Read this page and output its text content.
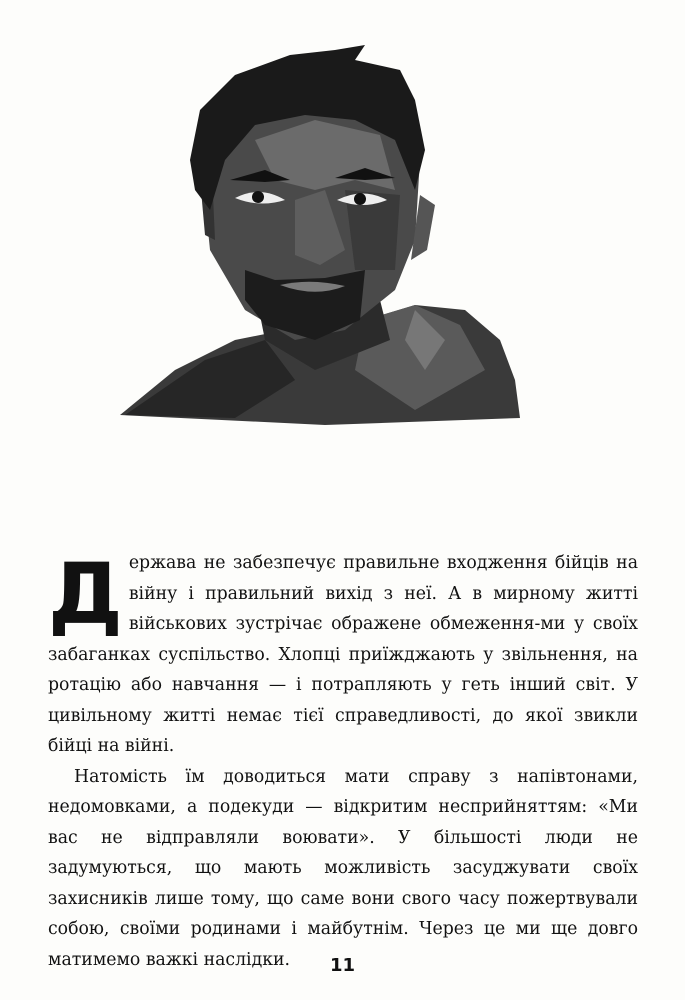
Держава не забезпечує правильне входження бійців на війну і правильний вихід з неї. А в мирному житті військових зустрічає ображене обмеження-ми у своїх забаганках суспільство. Хлопці приїжджають у звільнення, на ротацію або навчання — і потрапляють у геть інший світ. У цивільному житті немає тієї справедливості, до якої звикли бійці на війні.

Натомість їм доводиться мати справу з напівтонами, недомовками, а подекуди — відкритим несприйняттям: «Ми вас не відправляли воювати». У більшості люди не задумуються, що мають можливість засуджувати своїх захисників лише тому, що саме вони свого часу пожертвували собою, своїми родинами і майбутнім. Через це ми ще довго матимемо важкі наслідки.	11
